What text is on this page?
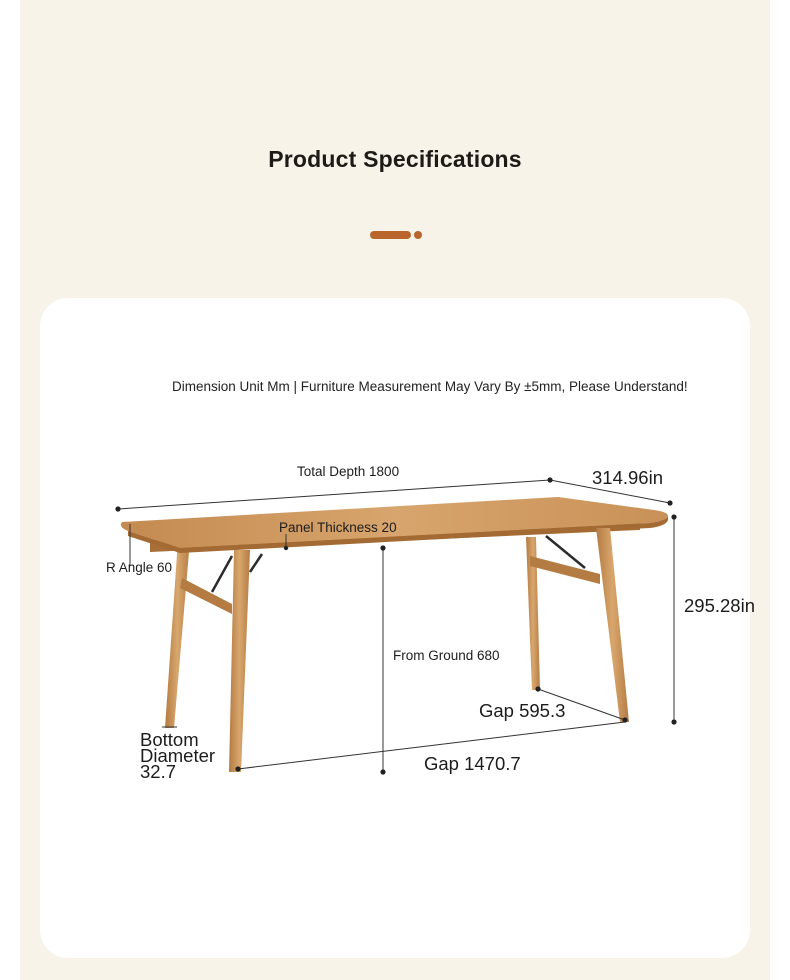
Product Specifications
Dimension Unit Mm | Furniture Measurement May Vary By ±5mm, Please Understand!
Total Depth 1800	314.96in
Panel Thickness 20
R Angle 60
295.28in
From Ground 680
Gap 595.3
Gap 1470.7
Bottom
Diameter
32.7
